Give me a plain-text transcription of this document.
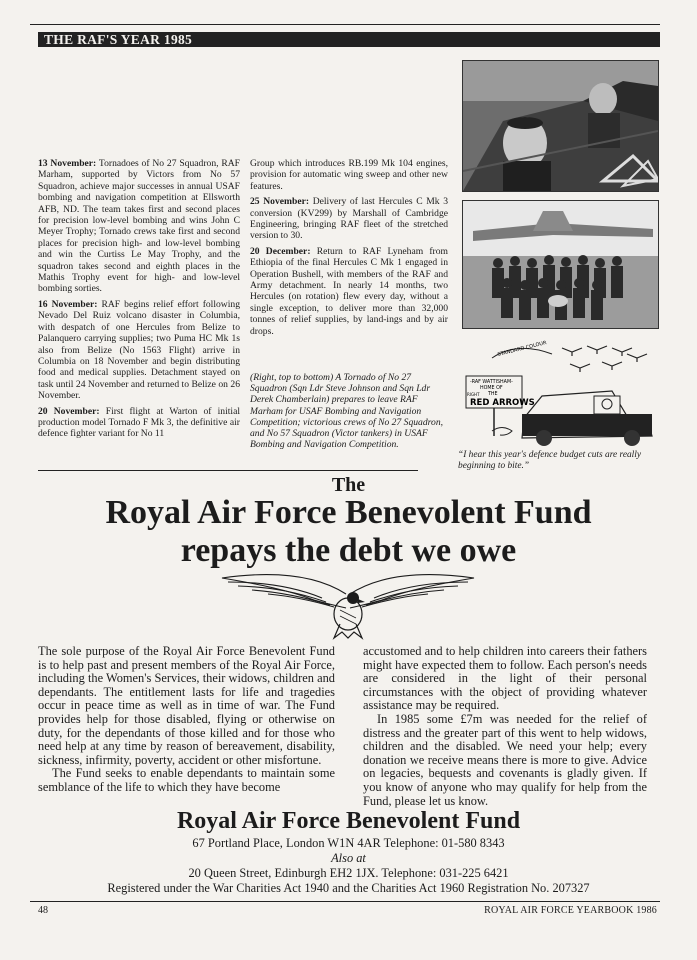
THE RAF'S YEAR 1985

13 November: Tornadoes of No 27 Squadron, RAF Marham, supported by Victors from No 57 Squadron, achieve major successes in annual USAF bombing and navigation competition at Ellsworth AFB, ND. The team takes first and second places for precision low-level bombing and wins John C Meyer Trophy; Tornado crews take first and second places for precision high- and low-level bombing and win the Curtiss Le May Trophy, and the squadron takes second and eighth places in the Mathis Trophy event for high- and low-level bombing sorties.

16 November: RAF begins relief effort following Nevado Del Ruiz volcano disaster in Columbia, with despatch of one Hercules from Belize to Palanquero carrying supplies; two Puma HC Mk 1s also from Belize (No 1563 Flight) arrive in Columbia on 18 November and begin distributing food and medical supplies. Detachment stayed on task until 24 November and returned to Belize on 26 November.

20 November: First flight at Warton of initial production model Tornado F Mk 3, the definitive air defence fighter variant for No 11

Group which introduces RB.199 Mk 104 engines, provision for automatic wing sweep and other new features.

25 November: Delivery of last Hercules C Mk 3 conversion (KV299) by Marshall of Cambridge Engineering, bringing RAF fleet of the stretched version to 30.

20 December: Return to RAF Lyneham from Ethiopia of the final Hercules C Mk 1 engaged in Operation Bushell, with members of the RAF and Army detachment. In nearly 14 months, two Hercules (on rotation) flew every day, without a single exception, to deliver more than 32,000 tonnes of relief supplies, by land-ings and by air drops.

(Right, top to bottom) A Tornado of No 27 Squadron (Sqn Ldr Steve Johnson and Sqn Ldr Derek Chamberlain) prepares to leave RAF Marham for USAF Bombing and Navigation Competition; victorious crews of No 27 Squadron, and No 57 Squadron (Victor tankers) in USAF Bombing and Navigation Competition.
STANDARD COLOUR
-RAF WATTISHAM-
HOME OF
RIGHT THE
RED ARROWS
“I hear this year's defence budget cuts are really beginning to bite.”
The
Royal Air Force Benevolent Fund
repays the debt we owe

The sole purpose of the Royal Air Force Benevolent Fund is to help past and present members of the Royal Air Force, including the Women's Services, their widows, children and dependants. The entitlement lasts for life and tragedies occur in peace time as well as in time of war. The Fund provides help for those disabled, flying or otherwise on duty, for the dependants of those killed and for those who need help at any time by reason of bereavement, disability, sickness, infirmity, poverty, accident or other misfortune.

The Fund seeks to enable dependants to maintain some semblance of the life to which they have become

accustomed and to help children into careers their fathers might have expected them to follow. Each person's needs are considered in the light of their personal circumstances with the object of providing whatever assistance may be required.

In 1985 some £7m was needed for the relief of distress and the greater part of this went to help widows, children and the disabled. We need your help; every donation we receive means there is more to give. Advice on legacies, bequests and covenants is gladly given. If you know of anyone who may qualify for help from the Fund, please let us know.

Royal Air Force Benevolent Fund
67 Portland Place, London W1N 4AR Telephone: 01-580 8343
Also at
20 Queen Street, Edinburgh EH2 1JX. Telephone: 031-225 6421
Registered under the War Charities Act 1940 and the Charities Act 1960 Registration No. 207327
48	ROYAL AIR FORCE YEARBOOK 1986
